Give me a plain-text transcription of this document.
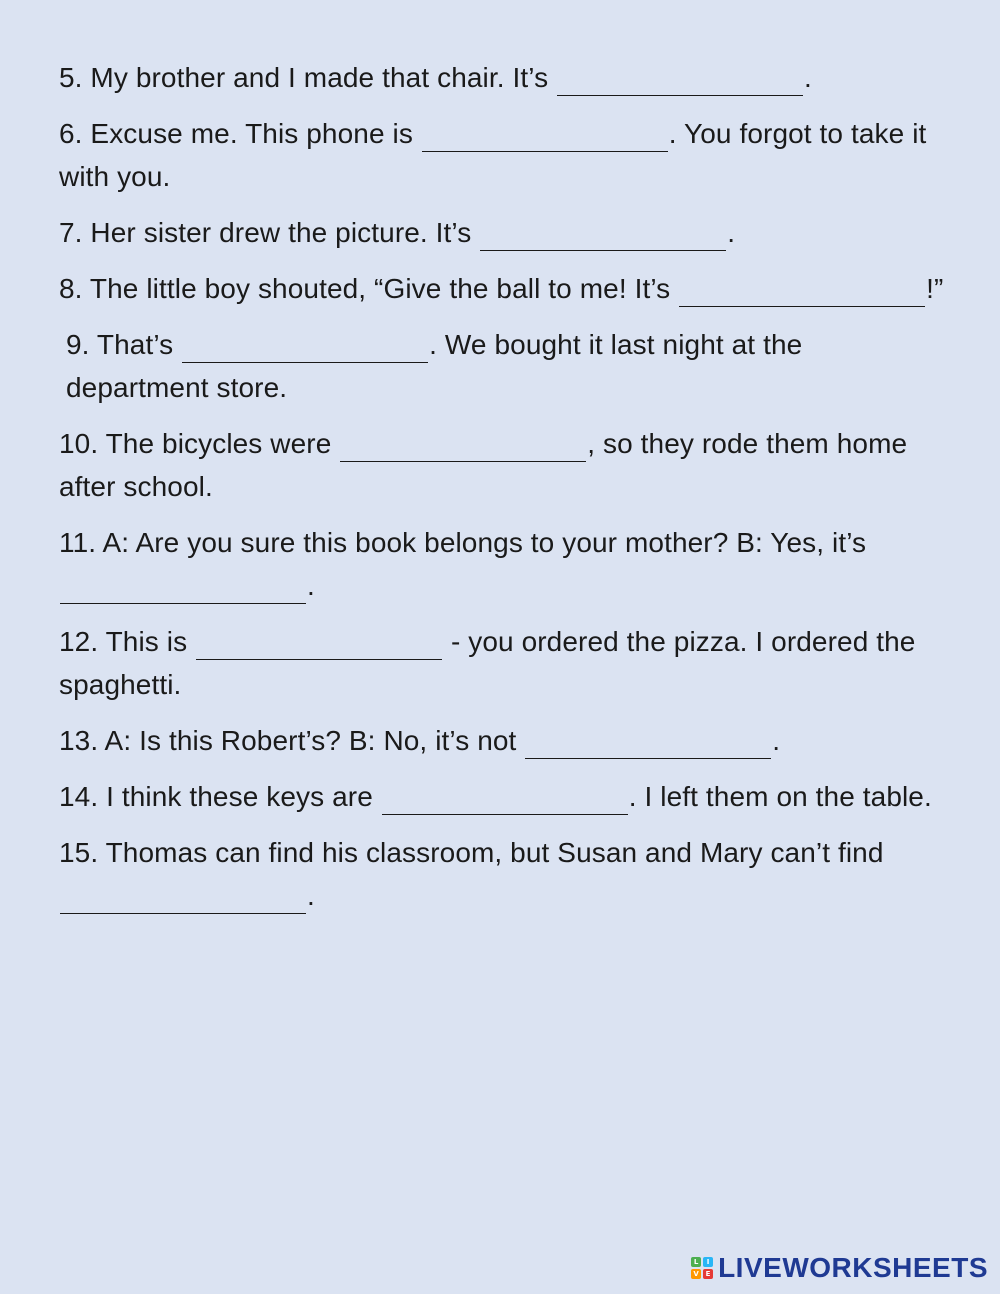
5. My brother and I made that chair. It’s	.

6. Excuse me. This phone is	. You forgot to take it with you.

7. Her sister drew the picture. It’s	.

8. The little boy shouted, “Give the ball to me! It’s	!”

9. That’s	. We bought it last night at the department store.

10. The bicycles were	, so they rode them home after school.

11. A: Are you sure this book belongs to your mother? B: Yes, it’s .

12. This is	- you ordered the pizza. I ordered the spaghetti.

13. A: Is this Robert’s? B: No, it’s not	.

14. I think these keys are	. I left them on the table.

15. Thomas can find his classroom, but Susan and Mary can’t find .

L	I
V E LIVEWORKSHEETS
